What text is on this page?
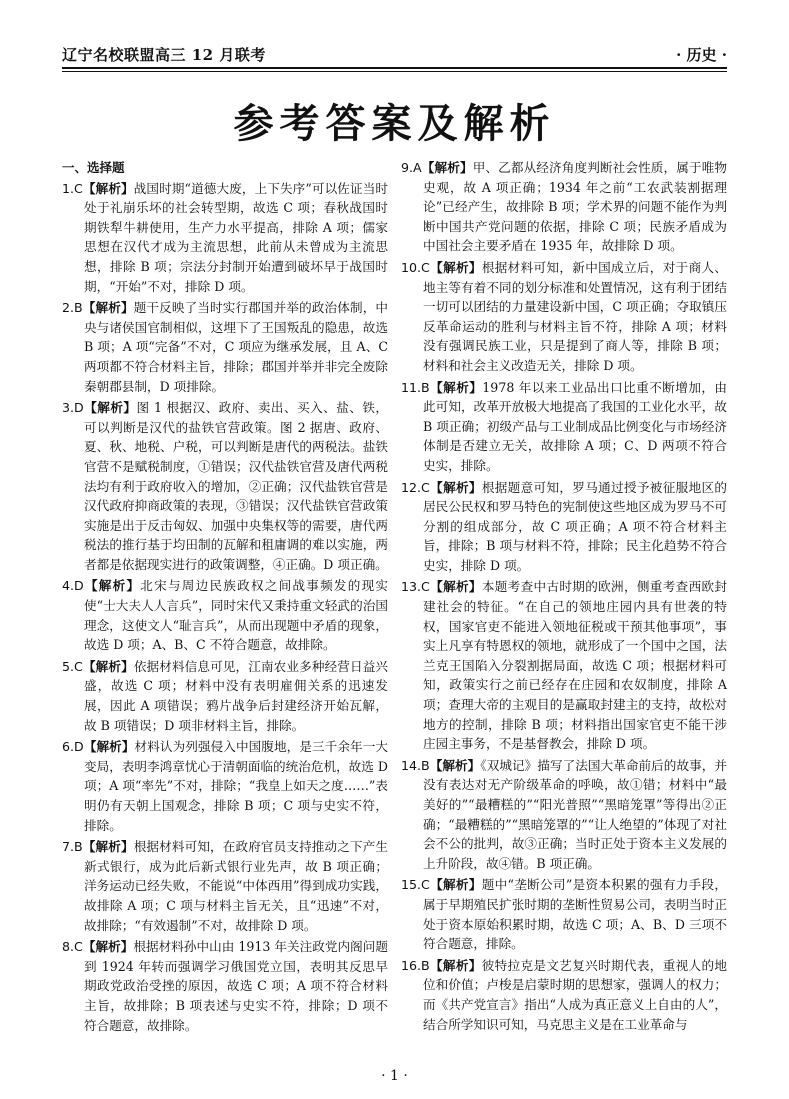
辽宁名校联盟高三 12 月联考	· 历史 ·
参考答案及解析
一、选择题
1.C【解析】战国时期“道德大废，上下失序”可以佐证当时处于礼崩乐坏的社会转型期，故选 C 项；春秋战国时期铁犁牛耕使用，生产力水平提高，排除 A 项；儒家思想在汉代才成为主流思想，此前从未曾成为主流思想，排除 B 项；宗法分封制开始遭到破坏早于战国时期，“开始”不对，排除 D 项。
2.B【解析】题干反映了当时实行郡国并举的政治体制，中央与诸侯国官制相似，这埋下了王国叛乱的隐患，故选 B 项；A 项“完备”不对，C 项应为继承发展，且 A、C 两项都不符合材料主旨，排除；郡国并举并非完全废除秦朝郡县制，D 项排除。
3.D【解析】图 1 根据汉、政府、卖出、买入、盐、铁，可以判断是汉代的盐铁官营政策。图 2 据唐、政府、夏、秋、地税、户税，可以判断是唐代的两税法。盐铁官营不是赋税制度，①错误；汉代盐铁官营及唐代两税法均有利于政府收入的增加，②正确；汉代盐铁官营是汉代政府抑商政策的表现，③错误；汉代盐铁官营政策实施是出于反击匈奴、加强中央集权等的需要，唐代两税法的推行基于均田制的瓦解和租庸调的难以实施，两者都是依据现实进行的政策调整，④正确。D 项正确。
4.D【解析】北宋与周边民族政权之间战事频发的现实使“士大夫人人言兵”，同时宋代又秉持重文轻武的治国理念，这使文人“耻言兵”，从而出现题中矛盾的现象，故选 D 项；A、B、C 不符合题意，故排除。
5.C【解析】依据材料信息可见，江南农业多种经营日益兴盛，故选 C 项；材料中没有表明雇佣关系的迅速发展，因此 A 项错误；鸦片战争后封建经济开始瓦解，故 B 项错误；D 项非材料主旨，排除。
6.D【解析】材料认为列强侵入中国腹地，是三千余年一大变局，表明李鸿章忧心于清朝面临的统治危机，故选 D 项；A 项“率先”不对，排除；“我皇上如天之度……”表明仍有天朝上国观念，排除 B 项；C 项与史实不符，排除。
7.B【解析】根据材料可知，在政府官员支持推动之下产生新式银行，成为此后新式银行业先声，故 B 项正确；洋务运动已经失败，不能说“中体西用”得到成功实践，故排除 A 项；C 项与材料主旨无关，且“迅速”不对，故排除；“有效遏制”不对，故排除 D 项。
8.C【解析】根据材料孙中山由 1913 年关注政党内阁问题到 1924 年转而强调学习俄国党立国，表明其反思早期政党政治受挫的原因，故选 C 项；A 项不符合材料主旨，故排除；B 项表述与史实不符，排除；D 项不符合题意，故排除。
9.A【解析】甲、乙都从经济角度判断社会性质，属于唯物史观，故 A 项正确；1934 年之前“工农武装割据理论”已经产生，故排除 B 项；学术界的问题不能作为判断中国共产党问题的依据，排除 C 项；民族矛盾成为中国社会主要矛盾在 1935 年，故排除 D 项。
10.C【解析】根据材料可知，新中国成立后，对于商人、地主等有着不同的划分标准和处置情况，这有利于团结一切可以团结的力量建设新中国，C 项正确；夺取镇压反革命运动的胜利与材料主旨不符，排除 A 项；材料没有强调民族工业，只是提到了商人等，排除 B 项；材料和社会主义改造无关，排除 D 项。
11.B【解析】1978 年以来工业品出口比重不断增加，由此可知，改革开放极大地提高了我国的工业化水平，故 B 项正确；初级产品与工业制成品比例变化与市场经济体制是否建立无关，故排除 A 项；C、D 两项不符合史实，排除。
12.C【解析】根据题意可知，罗马通过授予被征服地区的居民公民权和罗马特色的宪制使这些地区成为罗马不可分割的组成部分，故 C 项正确；A 项不符合材料主旨，排除；B 项与材料不符，排除；民主化趋势不符合史实，排除 D 项。
13.C【解析】本题考查中古时期的欧洲，侧重考查西欧封建社会的特征。“在自己的领地庄园内具有世袭的特权，国家官吏不能进入领地征税或干预其他事项”，事实上凡享有特恩权的领地，就形成了一个国中之国，法兰克王国陷入分裂割据局面，故选 C 项；根据材料可知，政策实行之前已经存在庄园和农奴制度，排除 A 项；查理大帝的主观目的是赢取封建主的支持，故松对地方的控制，排除 B 项；材料指出国家官吏不能干涉庄园主事务，不是基督教会，排除 D 项。
14.B【解析】《双城记》描写了法国大革命前后的故事，并没有表达对无产阶级革命的呼唤，故①错；材料中“最美好的”“最糟糕的”“阳光普照”“黑暗笼罩”等得出②正确；“最糟糕的”“黑暗笼罩的”“让人绝望的”体现了对社会不公的批判，故③正确；当时正处于资本主义发展的上升阶段，故④错。B 项正确。
15.C【解析】题中“垄断公司”是资本积累的强有力手段，属于早期殖民扩张时期的垄断性贸易公司，表明当时正处于资本原始积累时期，故选 C 项；A、B、D 三项不符合题意，排除。
16.B【解析】彼特拉克是文艺复兴时期代表，重视人的地位和价值；卢梭是启蒙时期的思想家，强调人的权力；而《共产党宣言》指出“人成为真正意义上自由的人”，结合所学知识可知，马克思主义是在工业革命与
· 1 ·
